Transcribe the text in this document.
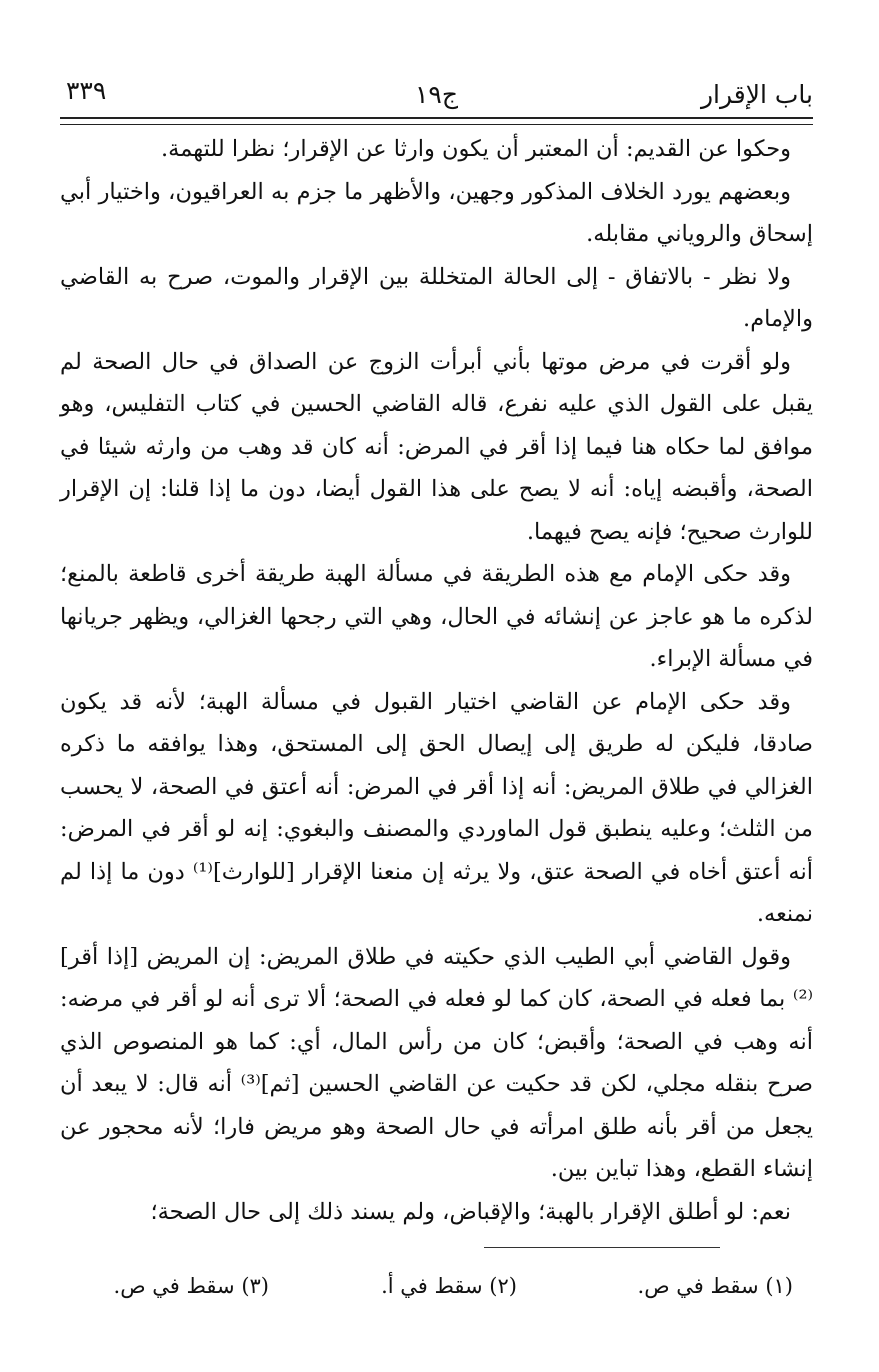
باب الإقرار
ج١٩
٣٣٩

وحكوا عن القديم: أن المعتبر أن يكون وارثا عن الإقرار؛ نظرا للتهمة.

وبعضهم يورد الخلاف المذكور وجهين، والأظهر ما جزم به العراقيون، واختيار أبي إسحاق والروياني مقابله.

ولا نظر - بالاتفاق - إلى الحالة المتخللة بين الإقرار والموت، صرح به القاضي والإمام.

ولو أقرت في مرض موتها بأني أبرأت الزوج عن الصداق في حال الصحة لم يقبل على القول الذي عليه نفرع، قاله القاضي الحسين في كتاب التفليس، وهو موافق لما حكاه هنا فيما إذا أقر في المرض: أنه كان قد وهب من وارثه شيئا في الصحة، وأقبضه إياه: أنه لا يصح على هذا القول أيضا، دون ما إذا قلنا: إن الإقرار للوارث صحيح؛ فإنه يصح فيهما.

وقد حكى الإمام مع هذه الطريقة في مسألة الهبة طريقة أخرى قاطعة بالمنع؛ لذكره ما هو عاجز عن إنشائه في الحال، وهي التي رجحها الغزالي، ويظهر جريانها في مسألة الإبراء.

وقد حكى الإمام عن القاضي اختيار القبول في مسألة الهبة؛ لأنه قد يكون صادقا، فليكن له طريق إلى إيصال الحق إلى المستحق، وهذا يوافقه ما ذكره الغزالي في طلاق المريض: أنه إذا أقر في المرض: أنه أعتق في الصحة، لا يحسب من الثلث؛ وعليه ينطبق قول الماوردي والمصنف والبغوي: إنه لو أقر في المرض: أنه أعتق أخاه في الصحة عتق، ولا يرثه إن منعنا الإقرار [للوارث]⁽¹⁾ دون ما إذا لم نمنعه.

وقول القاضي أبي الطيب الذي حكيته في طلاق المريض: إن المريض [إذا أقر]⁽²⁾ بما فعله في الصحة، كان كما لو فعله في الصحة؛ ألا ترى أنه لو أقر في مرضه: أنه وهب في الصحة؛ وأقبض؛ كان من رأس المال، أي: كما هو المنصوص الذي صرح بنقله مجلي، لكن قد حكيت عن القاضي الحسين [ثم]⁽³⁾ أنه قال: لا يبعد أن يجعل من أقر بأنه طلق امرأته في حال الصحة وهو مريض فارا؛ لأنه محجور عن إنشاء القطع، وهذا تباين بين.

نعم: لو أطلق الإقرار بالهبة؛ والإقباض، ولم يسند ذلك إلى حال الصحة؛

(١) سقط في ص.
(٢) سقط في أ.
(٣) سقط في ص.
